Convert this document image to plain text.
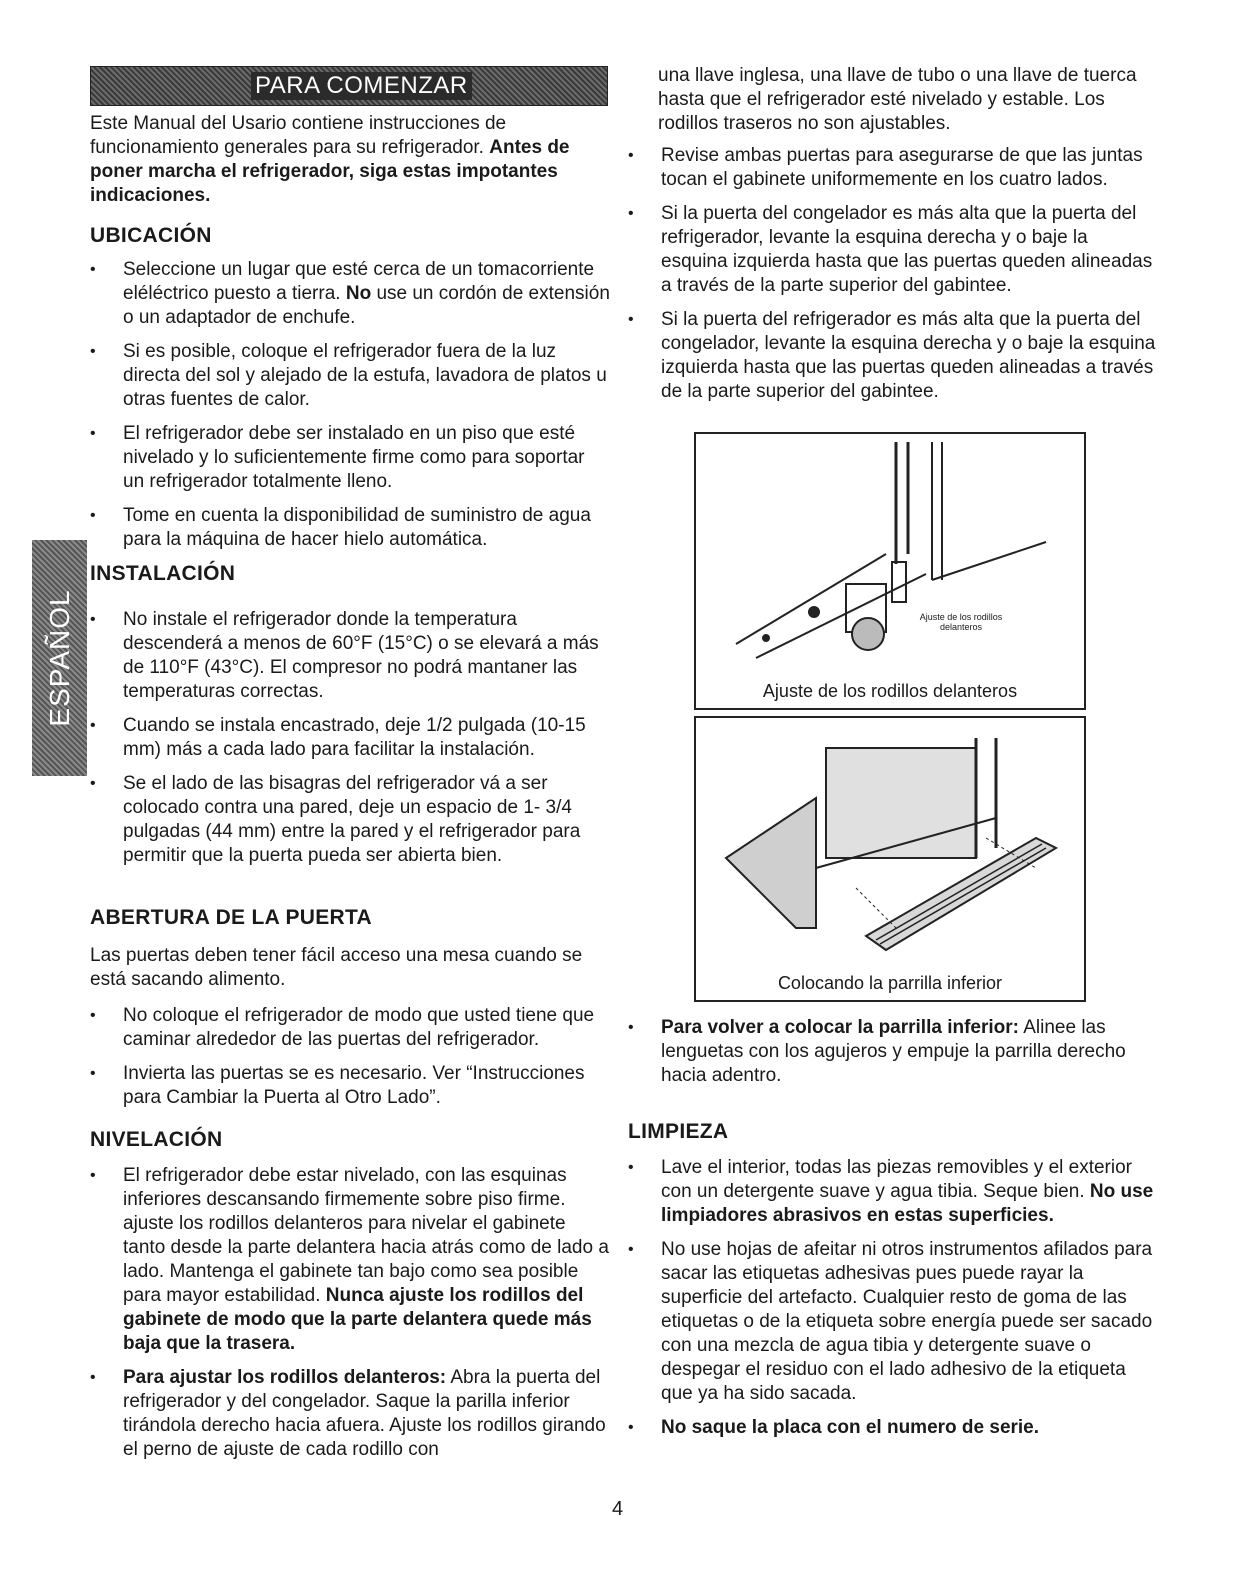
PARA COMENZAR
ESPAÑOL

Este Manual del Usario contiene instrucciones de funcionamiento generales para su refrigerador. Antes de poner marcha el refrigerador, siga estas impotantes indicaciones.

UBICACIÓN
• Seleccione un lugar que esté cerca de un tomacorriente eléléctrico puesto a tierra. No use un cordón de extensión o un adaptador de enchufe.
• Si es posible, coloque el refrigerador fuera de la luz directa del sol y alejado de la estufa, lavadora de platos u otras fuentes de calor.
• El refrigerador debe ser instalado en un piso que esté nivelado y lo suficientemente firme como para soportar un refrigerador totalmente lleno.
• Tome en cuenta la disponibilidad de suministro de agua para la máquina de hacer hielo automática.
INSTALACIÓN
• No instale el refrigerador donde la temperatura descenderá a menos de 60°F (15°C) o se elevará a más de 110°F (43°C). El compresor no podrá mantaner las temperaturas correctas.
• Cuando se instala encastrado, deje 1/2 pulgada (10-15 mm) más a cada lado para facilitar la instalación.
• Se el lado de las bisagras del refrigerador vá a ser colocado contra una pared, deje un espacio de 1- 3/4 pulgadas (44 mm) entre la pared y el refrigerador para permitir que la puerta pueda ser abierta bien.
ABERTURA DE LA PUERTA

Las puertas deben tener fácil acceso una mesa cuando se está sacando alimento.

• No coloque el refrigerador de modo que usted tiene que caminar alrededor de las puertas del refrigerador.
• Invierta las puertas se es necesario. Ver “Instrucciones para Cambiar la Puerta al Otro Lado”.
NIVELACIÓN
• El refrigerador debe estar nivelado, con las esquinas inferiores descansando firmemente sobre piso firme. ajuste los rodillos delanteros para nivelar el gabinete tanto desde la parte delantera hacia atrás como de lado a lado. Mantenga el gabinete tan bajo como sea posible para mayor estabilidad. Nunca ajuste los rodillos del gabinete de modo que la parte delantera quede más baja que la trasera.
• Para ajustar los rodillos delanteros: Abra la puerta del refrigerador y del congelador. Saque la parilla inferior tirándola derecho hacia afuera. Ajuste los rodillos girando el perno de ajuste de cada rodillo con

una llave inglesa, una llave de tubo o una llave de tuerca hasta que el refrigerador esté nivelado y estable. Los rodillos traseros no son ajustables.

• Revise ambas puertas para asegurarse de que las juntas tocan el gabinete uniformemente en los cuatro lados.
• Si la puerta del congelador es más alta que la puerta del refrigerador, levante la esquina derecha y o baje la esquina izquierda hasta que las puertas queden alineadas a través de la parte superior del gabintee.
• Si la puerta del refrigerador es más alta que la puerta del congelador, levante la esquina derecha y o baje la esquina izquierda hasta que las puertas queden alineadas a través de la parte superior del gabintee.
Ajuste de los rodillos delanteros
Ajuste de los rodillos delanteros
Colocando la parrilla inferior
• Para volver a colocar la parrilla inferior: Alinee las lenguetas con los agujeros y empuje la parrilla derecho hacia adentro.
LIMPIEZA
• Lave el interior, todas las piezas removibles y el exterior con un detergente suave y agua tibia. Seque bien. No use limpiadores abrasivos en estas superficies.
• No use hojas de afeitar ni otros instrumentos afilados para sacar las etiquetas adhesivas pues puede rayar la superficie del artefacto. Cualquier resto de goma de las etiquetas o de la etiqueta sobre energía puede ser sacado con una mezcla de agua tibia y detergente suave o despegar el residuo con el lado adhesivo de la etiqueta que ya ha sido sacada.
• No saque la placa con el numero de serie.
4
